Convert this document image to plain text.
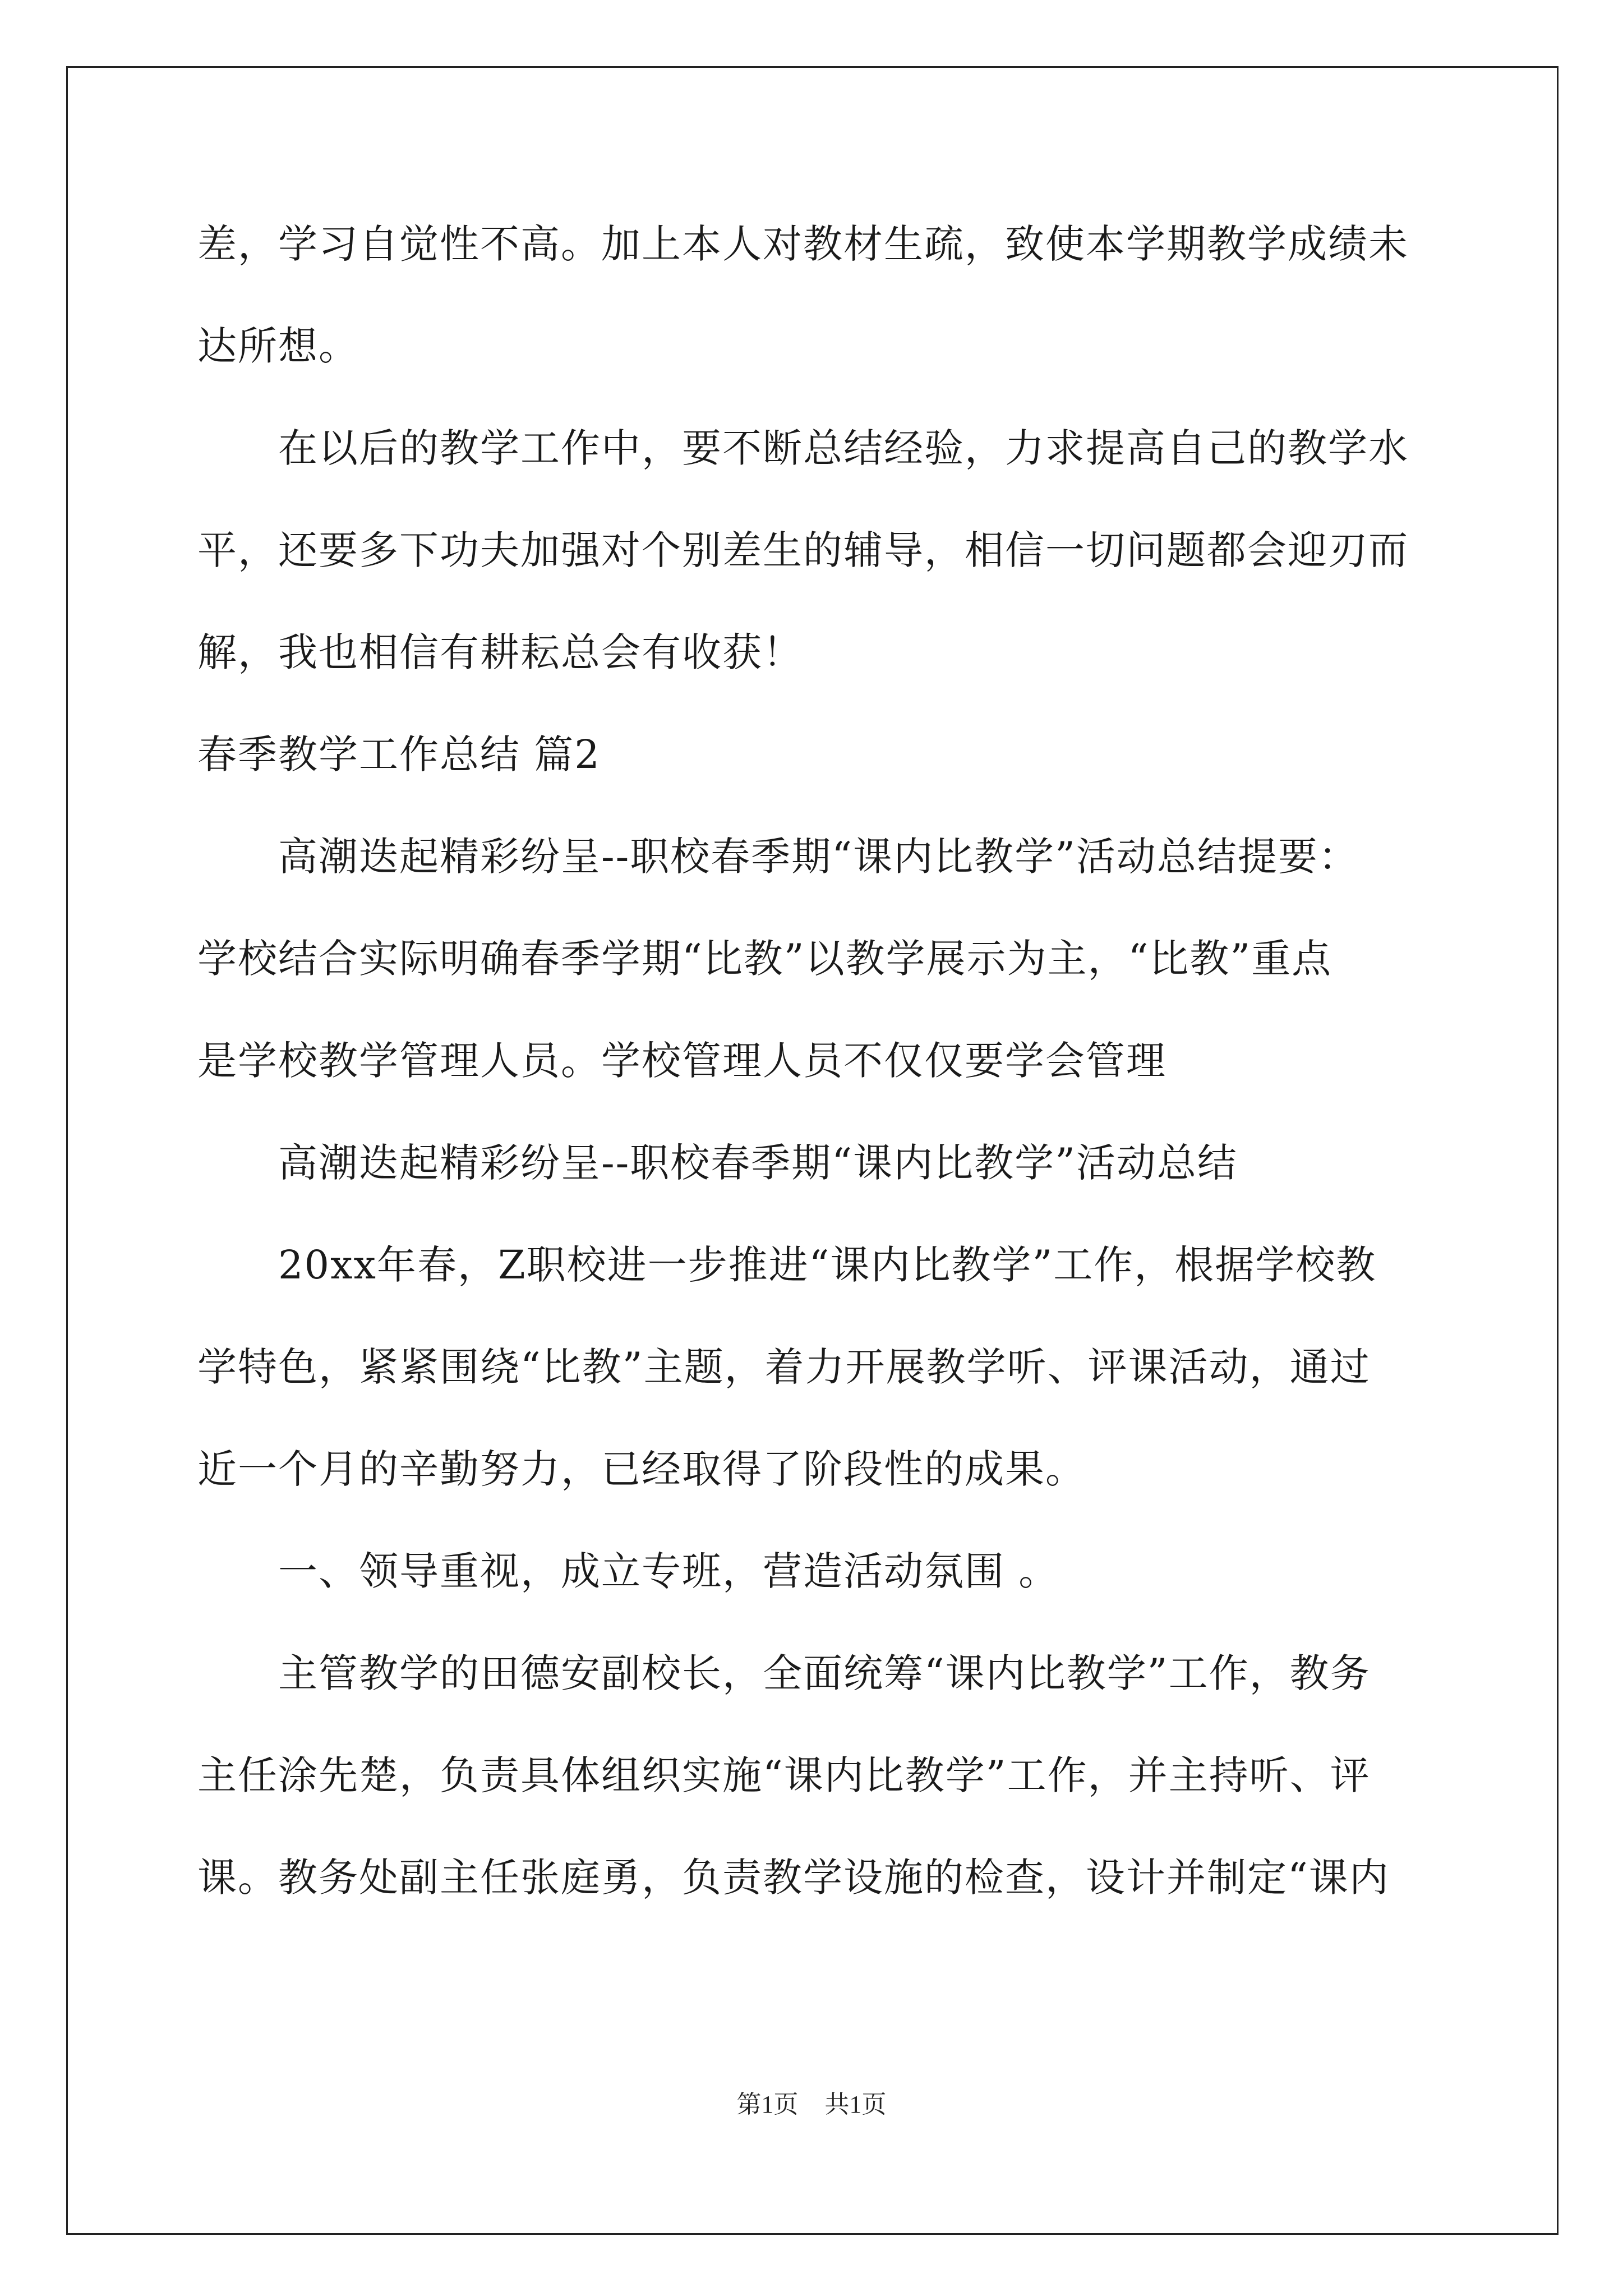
差，学习自觉性不高。加上本人对教材生疏，致使本学期教学成绩未
达所想。
　　在以后的教学工作中，要不断总结经验，力求提高自己的教学水
平，还要多下功夫加强对个别差生的辅导，相信一切问题都会迎刃而
解，我也相信有耕耘总会有收获！
春季教学工作总结 篇2
　　高潮迭起精彩纷呈--职校春季期“课内比教学”活动总结提要：
学校结合实际明确春季学期“比教”以教学展示为主，“比教”重点
是学校教学管理人员。学校管理人员不仅仅要学会管理
　　高潮迭起精彩纷呈--职校春季期“课内比教学”活动总结
　　20xx年春，Z职校进一步推进“课内比教学”工作，根据学校教
学特色，紧紧围绕“比教”主题，着力开展教学听、评课活动，通过
近一个月的辛勤努力，已经取得了阶段性的成果。
　　一、领导重视，成立专班，营造活动氛围 。
　　主管教学的田德安副校长，全面统筹“课内比教学”工作，教务
主任涂先楚，负责具体组织实施“课内比教学”工作，并主持听、评
课。教务处副主任张庭勇，负责教学设施的检查，设计并制定“课内
第1页 共1页
